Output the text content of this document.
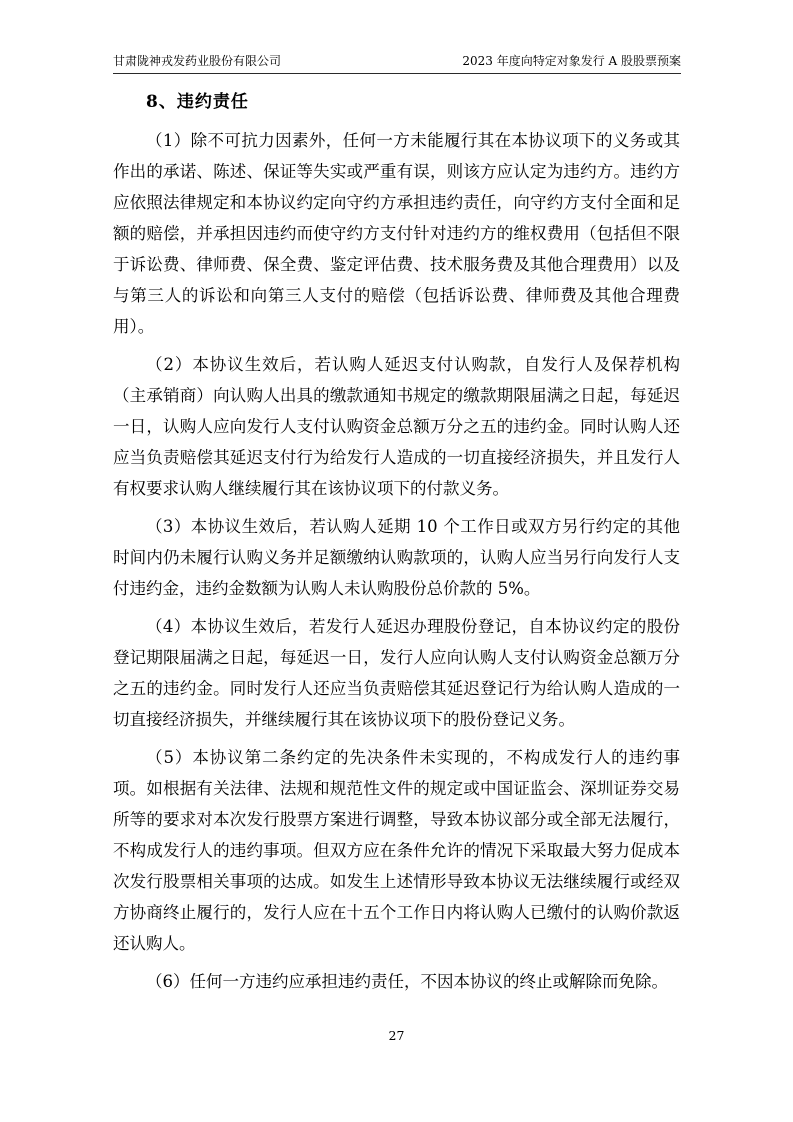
甘肃陇神戎发药业股份有限公司	2023 年度向特定对象发行 A 股股票预案
8、违约责任

（1）除不可抗力因素外，任何一方未能履行其在本协议项下的义务或其作出的承诺、陈述、保证等失实或严重有误，则该方应认定为违约方。违约方应依照法律规定和本协议约定向守约方承担违约责任，向守约方支付全面和足额的赔偿，并承担因违约而使守约方支付针对违约方的维权费用（包括但不限于诉讼费、律师费、保全费、鉴定评估费、技术服务费及其他合理费用）以及与第三人的诉讼和向第三人支付的赔偿（包括诉讼费、律师费及其他合理费用）。

（2）本协议生效后，若认购人延迟支付认购款，自发行人及保荐机构（主承销商）向认购人出具的缴款通知书规定的缴款期限届满之日起，每延迟一日，认购人应向发行人支付认购资金总额万分之五的违约金。同时认购人还应当负责赔偿其延迟支付行为给发行人造成的一切直接经济损失，并且发行人有权要求认购人继续履行其在该协议项下的付款义务。

（3）本协议生效后，若认购人延期 10 个工作日或双方另行约定的其他时间内仍未履行认购义务并足额缴纳认购款项的，认购人应当另行向发行人支付违约金，违约金数额为认购人未认购股份总价款的 5%。

（4）本协议生效后，若发行人延迟办理股份登记，自本协议约定的股份登记期限届满之日起，每延迟一日，发行人应向认购人支付认购资金总额万分之五的违约金。同时发行人还应当负责赔偿其延迟登记行为给认购人造成的一切直接经济损失，并继续履行其在该协议项下的股份登记义务。

（5）本协议第二条约定的先决条件未实现的，不构成发行人的违约事项。如根据有关法律、法规和规范性文件的规定或中国证监会、深圳证券交易所等的要求对本次发行股票方案进行调整，导致本协议部分或全部无法履行，不构成发行人的违约事项。但双方应在条件允许的情况下采取最大努力促成本次发行股票相关事项的达成。如发生上述情形导致本协议无法继续履行或经双方协商终止履行的，发行人应在十五个工作日内将认购人已缴付的认购价款返还认购人。

（6）任何一方违约应承担违约责任，不因本协议的终止或解除而免除。

27
